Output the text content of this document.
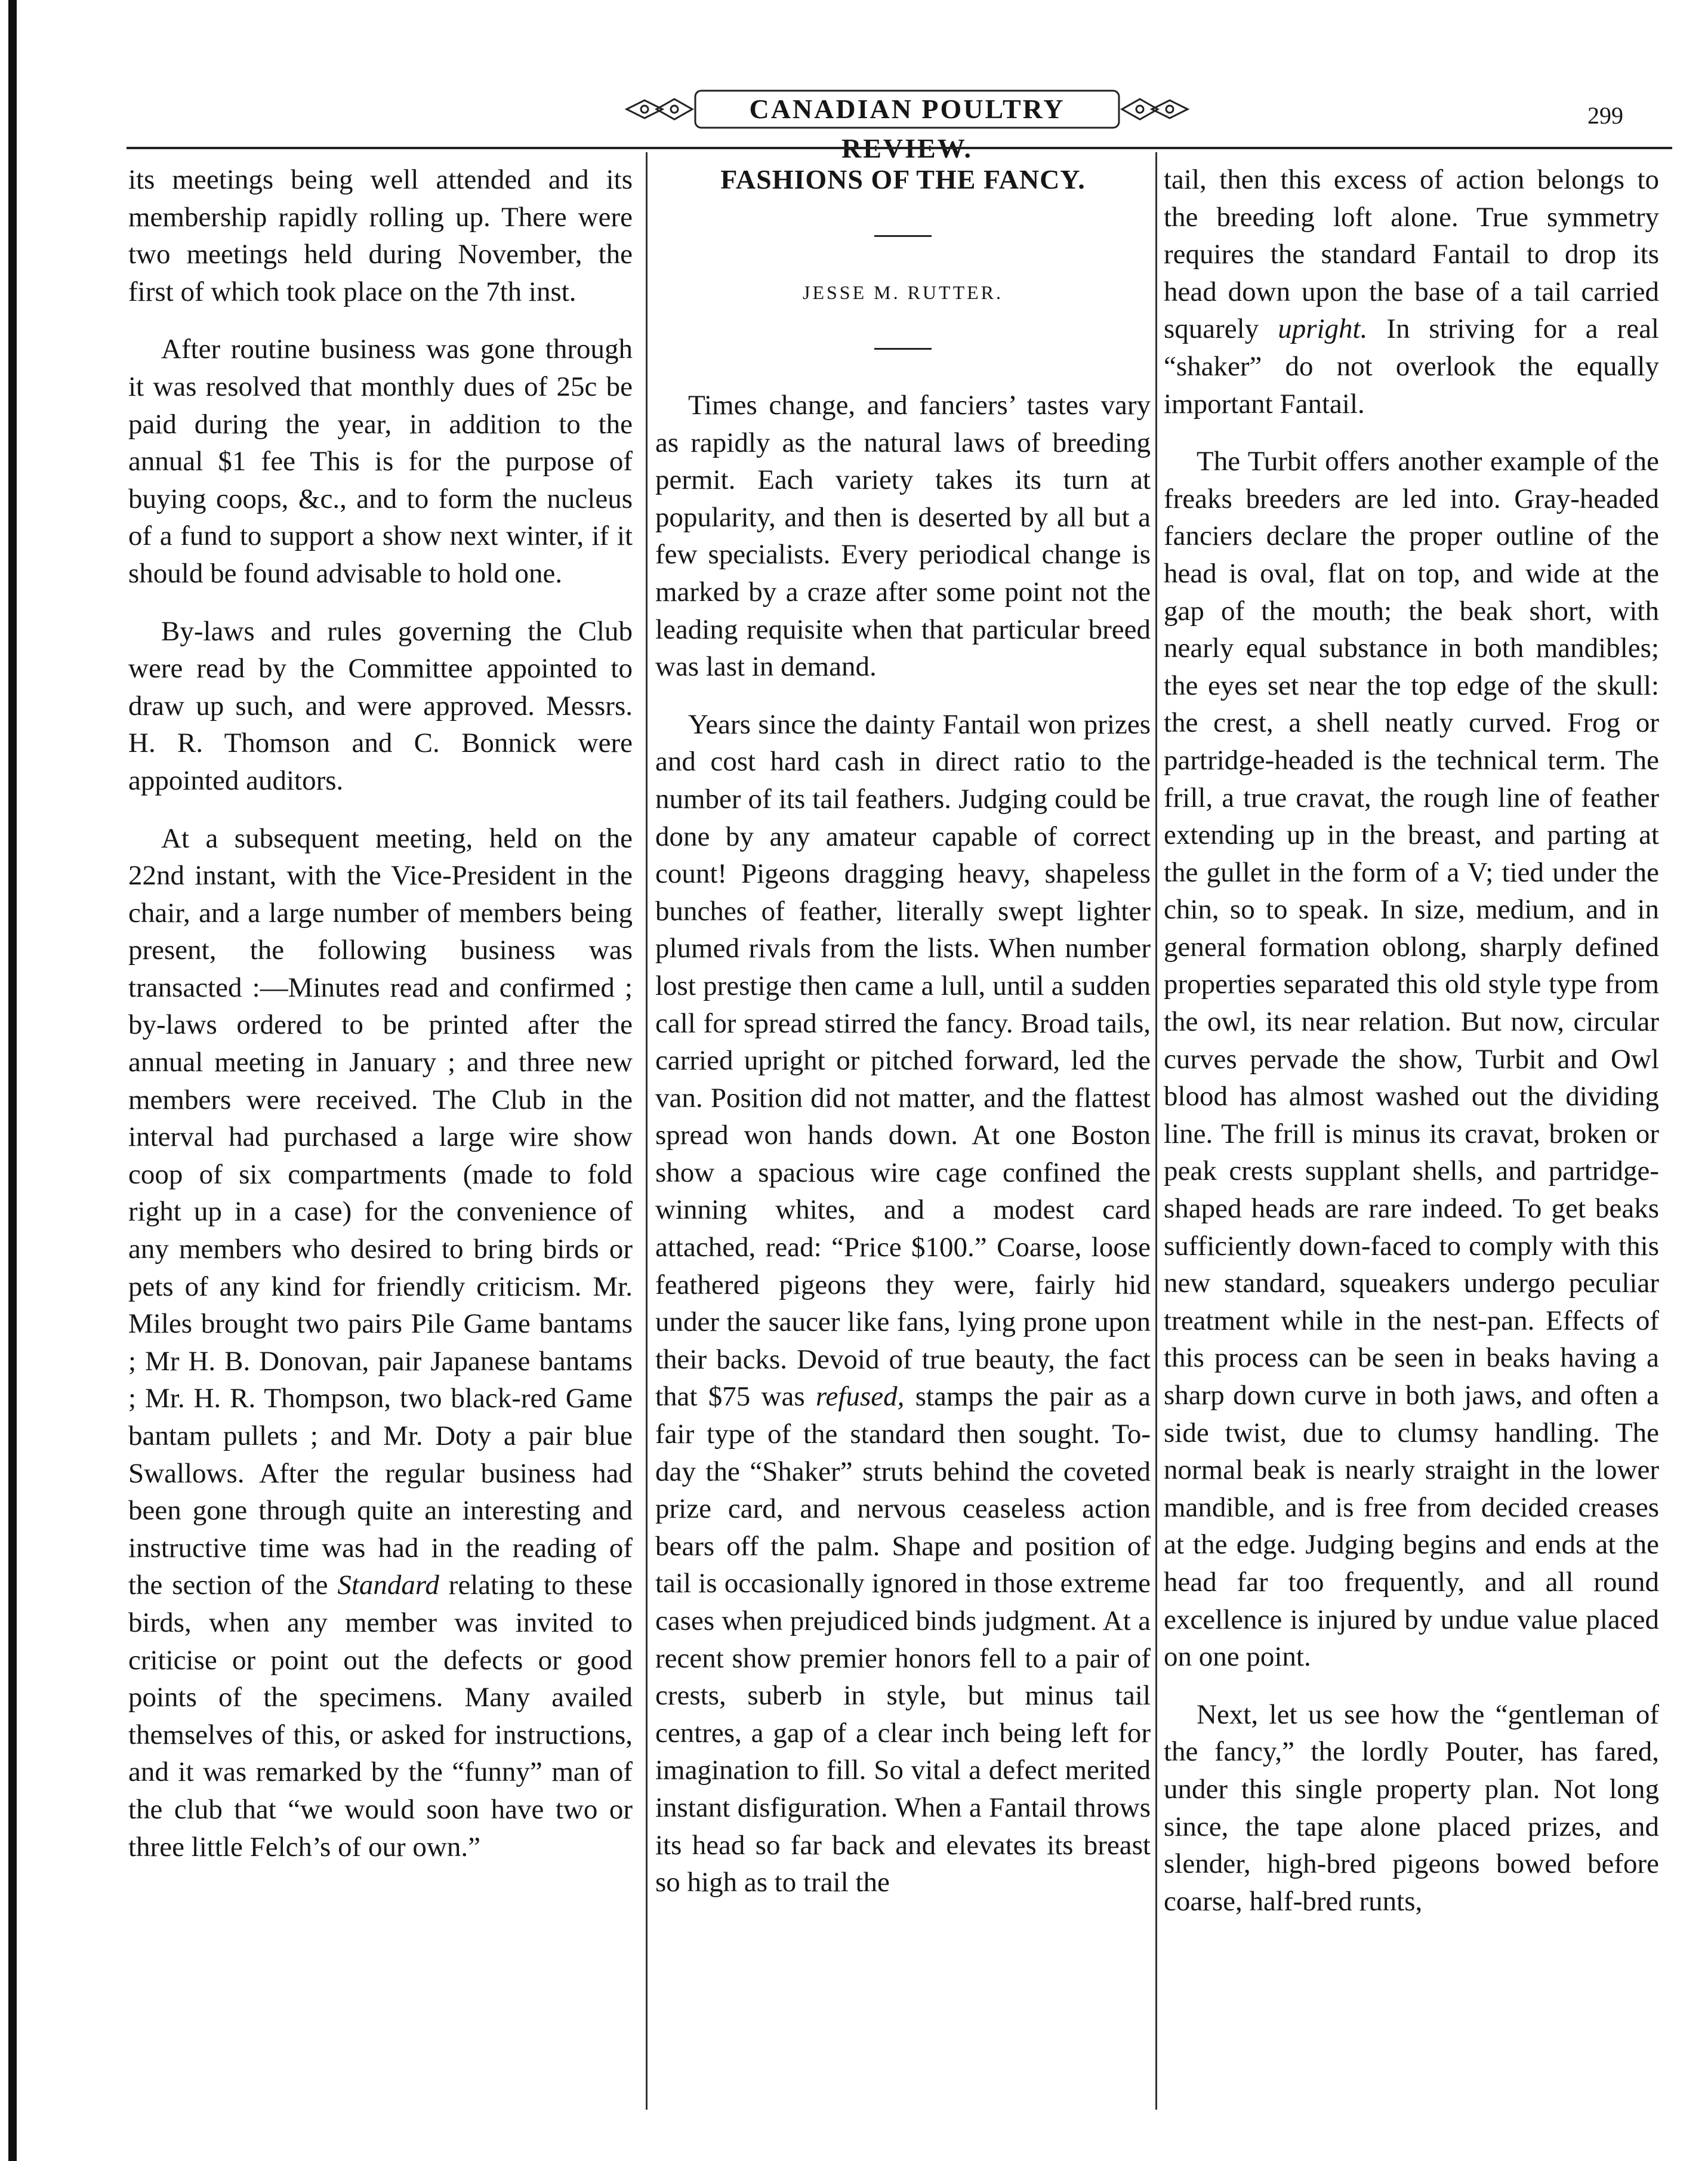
CANADIAN POULTRY REVIEW.
299

its meetings being well attended and its membership rapidly rolling up. There were two meetings held during November, the first of which took place on the 7th inst.

After routine business was gone through it was resolved that monthly dues of 25c be paid during the year, in addition to the annual $1 fee This is for the purpose of buying coops, &c., and to form the nucleus of a fund to support a show next winter, if it should be found advisable to hold one.

By-laws and rules governing the Club were read by the Committee appointed to draw up such, and were approved. Messrs. H. R. Thomson and C. Bonnick were appointed auditors.

At a subsequent meeting, held on the 22nd instant, with the Vice-President in the chair, and a large number of members being present, the following business was transacted :—Minutes read and confirmed ; by-laws ordered to be printed after the annual meeting in January ; and three new members were received. The Club in the interval had purchased a large wire show coop of six compartments (made to fold right up in a case) for the convenience of any members who desired to bring birds or pets of any kind for friendly criticism. Mr. Miles brought two pairs Pile Game bantams ; Mr H. B. Donovan, pair Japanese bantams ; Mr. H. R. Thompson, two black-red Game bantam pullets ; and Mr. Doty a pair blue Swallows. After the regular business had been gone through quite an interesting and instructive time was had in the reading of the section of the Standard relating to these birds, when any member was invited to criticise or point out the defects or good points of the specimens. Many availed themselves of this, or asked for instructions, and it was remarked by the “funny” man of the club that “we would soon have two or three little Felch’s of our own.”

FASHIONS OF THE FANCY.
JESSE M. RUTTER.

Times change, and fanciers’ tastes vary as rapidly as the natural laws of breeding permit. Each variety takes its turn at popularity, and then is deserted by all but a few specialists. Every periodical change is marked by a craze after some point not the leading requisite when that particular breed was last in demand.

Years since the dainty Fantail won prizes and cost hard cash in direct ratio to the number of its tail feathers. Judging could be done by any amateur capable of correct count! Pigeons dragging heavy, shapeless bunches of feather, literally swept lighter plumed rivals from the lists. When number lost prestige then came a lull, until a sudden call for spread stirred the fancy. Broad tails, carried upright or pitched forward, led the van. Position did not matter, and the flattest spread won hands down. At one Boston show a spacious wire cage confined the winning whites, and a modest card attached, read: “Price $100.” Coarse, loose feathered pigeons they were, fairly hid under the saucer like fans, lying prone upon their backs. Devoid of true beauty, the fact that $75 was refused, stamps the pair as a fair type of the standard then sought. To-day the “Shaker” struts behind the coveted prize card, and nervous ceaseless action bears off the palm. Shape and position of tail is occasionally ignored in those extreme cases when prejudiced binds judgment. At a recent show premier honors fell to a pair of crests, suberb in style, but minus tail centres, a gap of a clear inch being left for imagination to fill. So vital a defect merited instant disfiguration. When a Fantail throws its head so far back and elevates its breast so high as to trail the

tail, then this excess of action belongs to the breeding loft alone. True symmetry requires the standard Fantail to drop its head down upon the base of a tail carried squarely upright. In striving for a real “shaker” do not overlook the equally important Fantail.

The Turbit offers another example of the freaks breeders are led into. Gray-headed fanciers declare the proper outline of the head is oval, flat on top, and wide at the gap of the mouth; the beak short, with nearly equal substance in both mandibles; the eyes set near the top edge of the skull: the crest, a shell neatly curved. Frog or partridge-headed is the technical term. The frill, a true cravat, the rough line of feather extending up in the breast, and parting at the gullet in the form of a V; tied under the chin, so to speak. In size, medium, and in general formation oblong, sharply defined properties separated this old style type from the owl, its near relation. But now, circular curves pervade the show, Turbit and Owl blood has almost washed out the dividing line. The frill is minus its cravat, broken or peak crests supplant shells, and partridge-shaped heads are rare indeed. To get beaks sufficiently down-faced to comply with this new standard, squeakers undergo peculiar treatment while in the nest-pan. Effects of this process can be seen in beaks having a sharp down curve in both jaws, and often a side twist, due to clumsy handling. The normal beak is nearly straight in the lower mandible, and is free from decided creases at the edge. Judging begins and ends at the head far too frequently, and all round excellence is injured by undue value placed on one point.

Next, let us see how the “gentleman of the fancy,” the lordly Pouter, has fared, under this single property plan. Not long since, the tape alone placed prizes, and slender, high-bred pigeons bowed before coarse, half-bred runts,
